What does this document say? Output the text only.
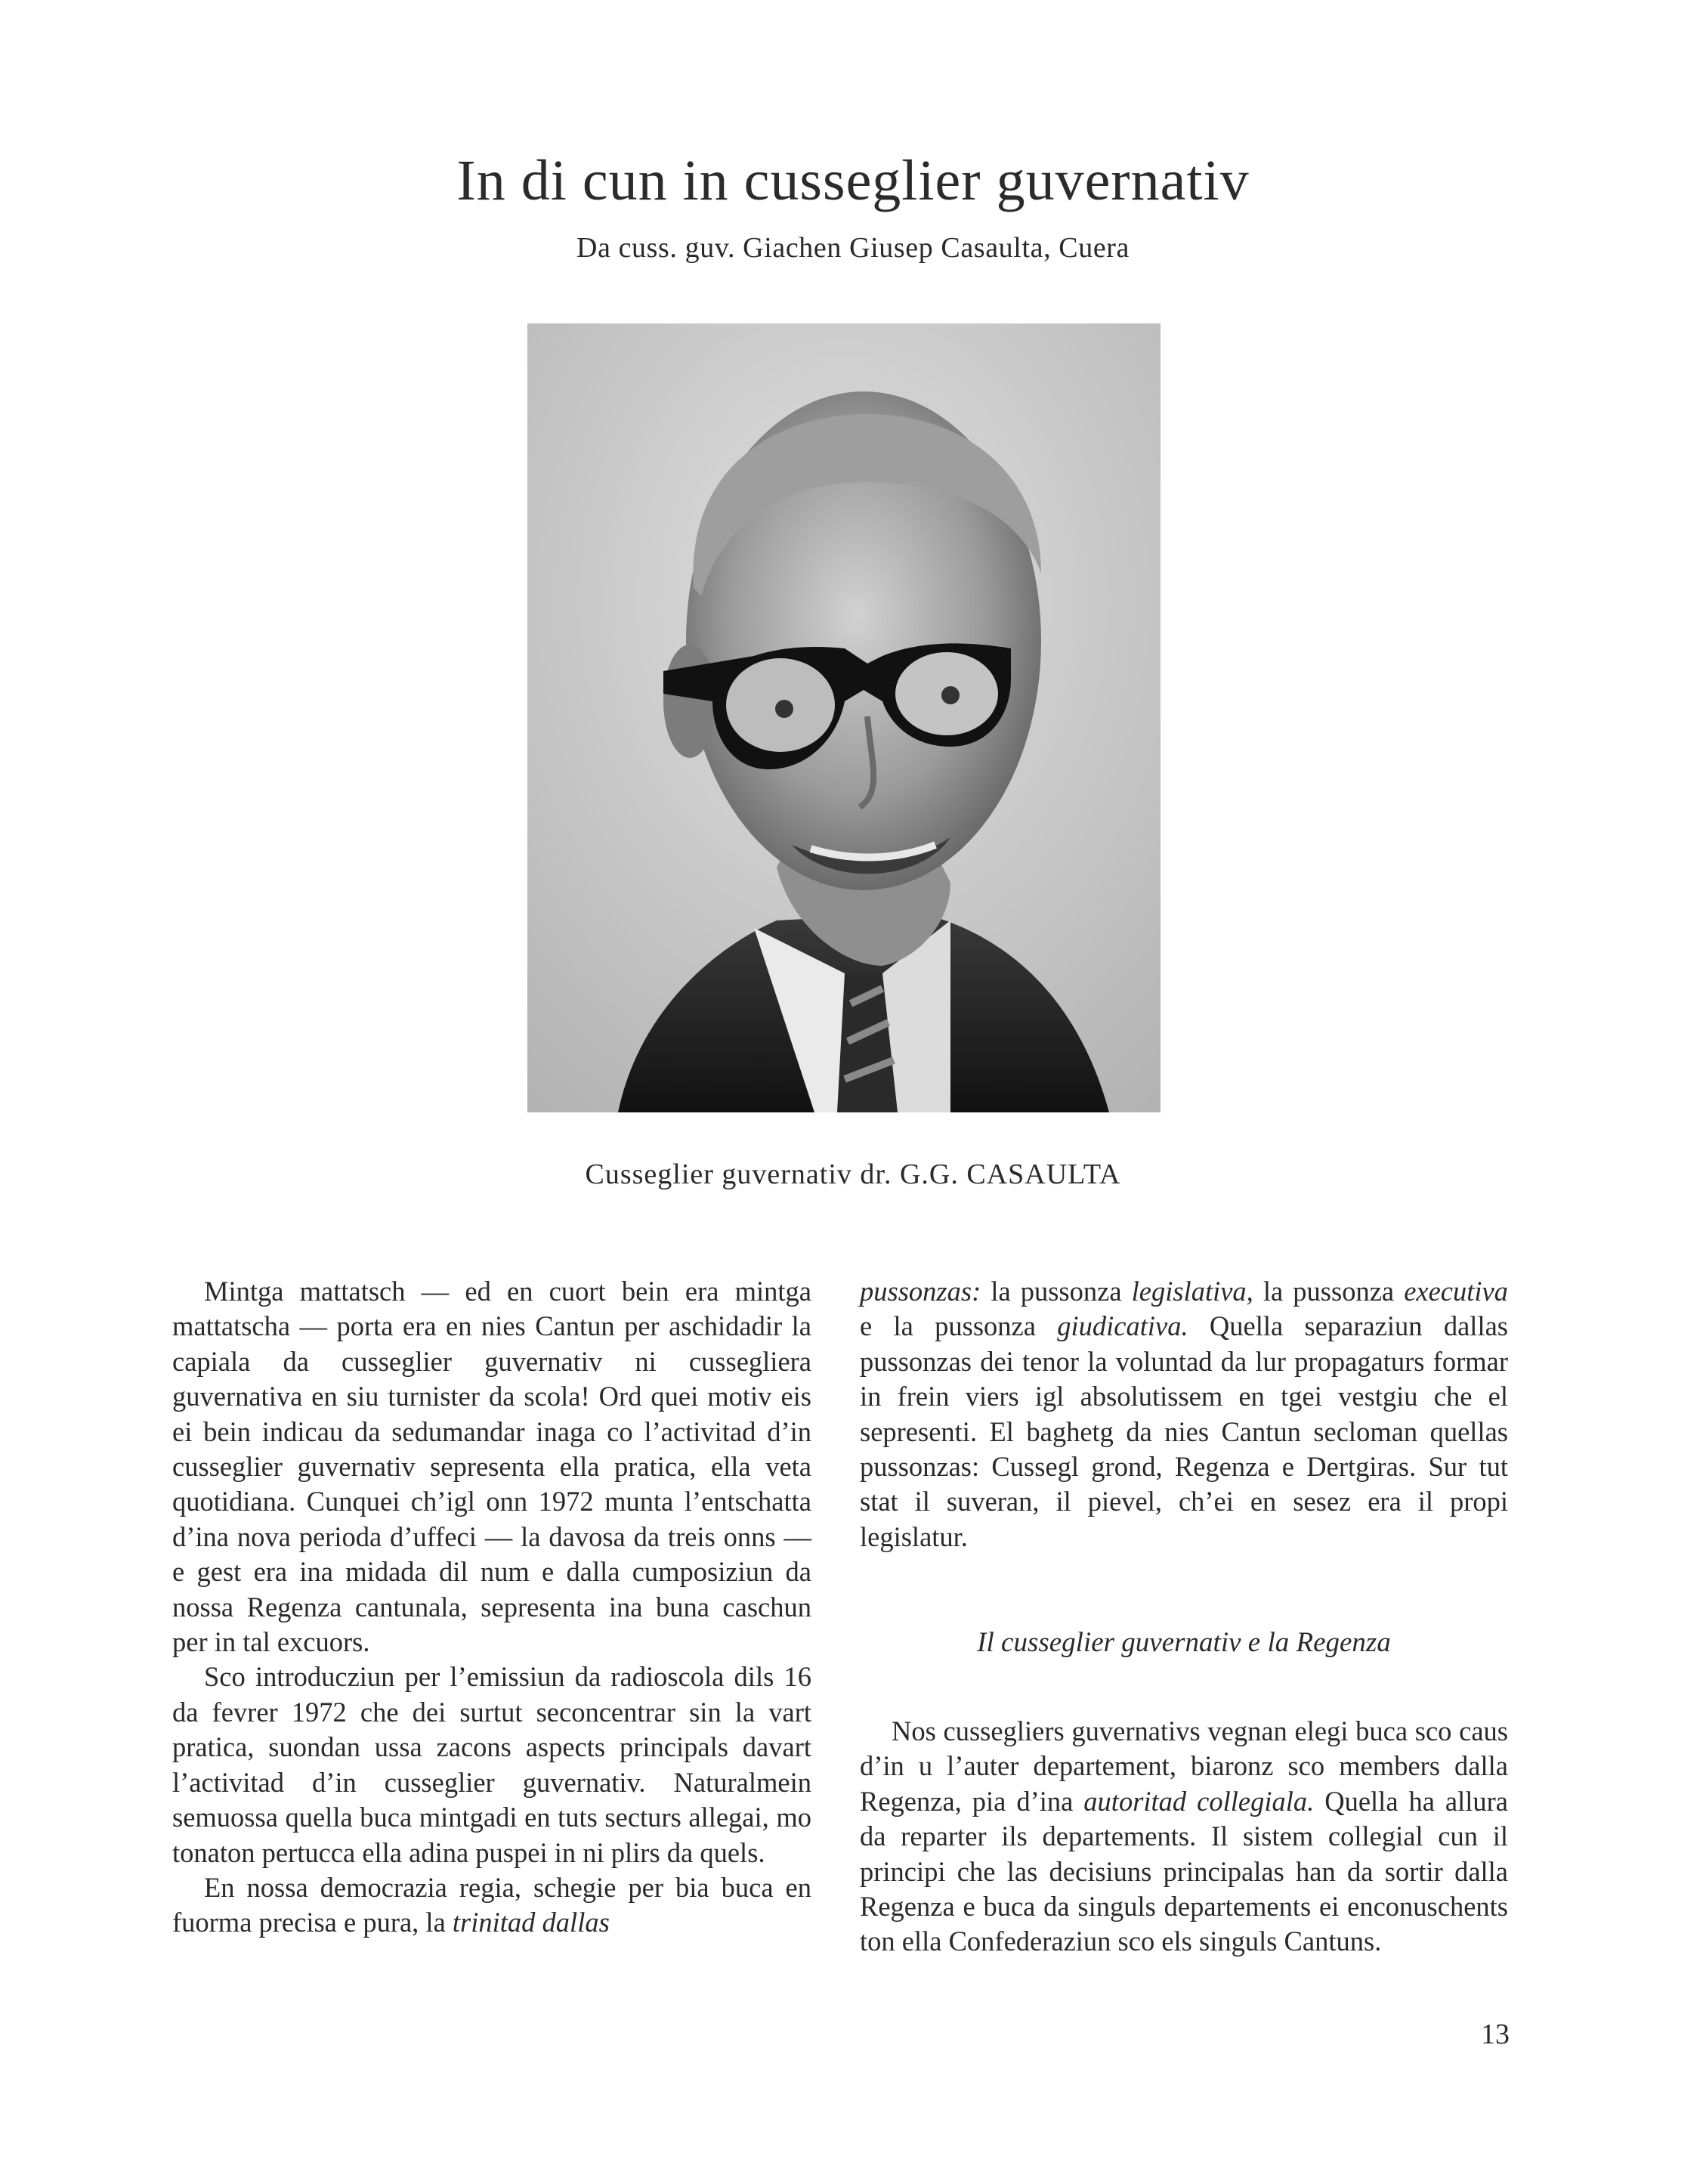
In di cun in cusseglier guvernativ
Da cuss. guv. Giachen Giusep Casaulta, Cuera
Cusseglier guvernativ dr. G.G. CASAULTA

Mintga mattatsch — ed en cuort bein era mintga mattatscha — porta era en nies Cantun per aschidadir la capiala da cusseglier guvernativ ni cusseglierа guvernativa en siu turnister da scola! Ord quei motiv eis ei bein indicau da sedumandar inaga co l’activitad d’in cusseglier guvernativ sepresenta ella pratica, ella veta quotidiana. Cunquei ch’igl onn 1972 munta l’entschatta d’ina nova perioda d’uffeci — la davosa da treis onns — e gest era ina midada dil num e dalla cumposiziun da nossa Regenza cantunala, sepresenta ina buna caschun per in tal excuors.

Sco introducziun per l’emissiun da radioscola dils 16 da fevrer 1972 che dei surtut seconcentrar sin la vart pratica, suondan ussa zacons aspects principals davart l’activitad d’in cusseglier guvernativ. Naturalmein semuossa quella buca mintgadi en tuts secturs allegai, mo tonaton pertucca ella adina puspei in ni plirs da quels.

En nossa democrazia regia, schegie per bia buca en fuorma precisa e pura, la trinitad dallas

pussonzas: la pussonza legislativa, la pussonza executiva e la pussonza giudicativa. Quella separaziun dallas pussonzas dei tenor la voluntad da lur propagaturs formar in frein viers igl absolutissem en tgei vestgiu che el sepresenti. El baghetg da nies Cantun secloman quellas pussonzas: Cussegl grond, Regenza e Dertgiras. Sur tut stat il suveran, il pievel, ch’ei en sesez era il propi legislatur.

Il cusseglier guvernativ e la Regenza

Nos cussegliers guvernativs vegnan elegi buca sco caus d’in u l’auter departement, biaronz sco members dalla Regenza, pia d’ina autoritad collegiala. Quella ha allura da reparter ils departements. Il sistem collegial cun il principi che las decisiuns principalas han da sortir dalla Regenza e buca da singuls departements ei enconuschents ton ella Confederaziun sco els singuls Cantuns.

13
